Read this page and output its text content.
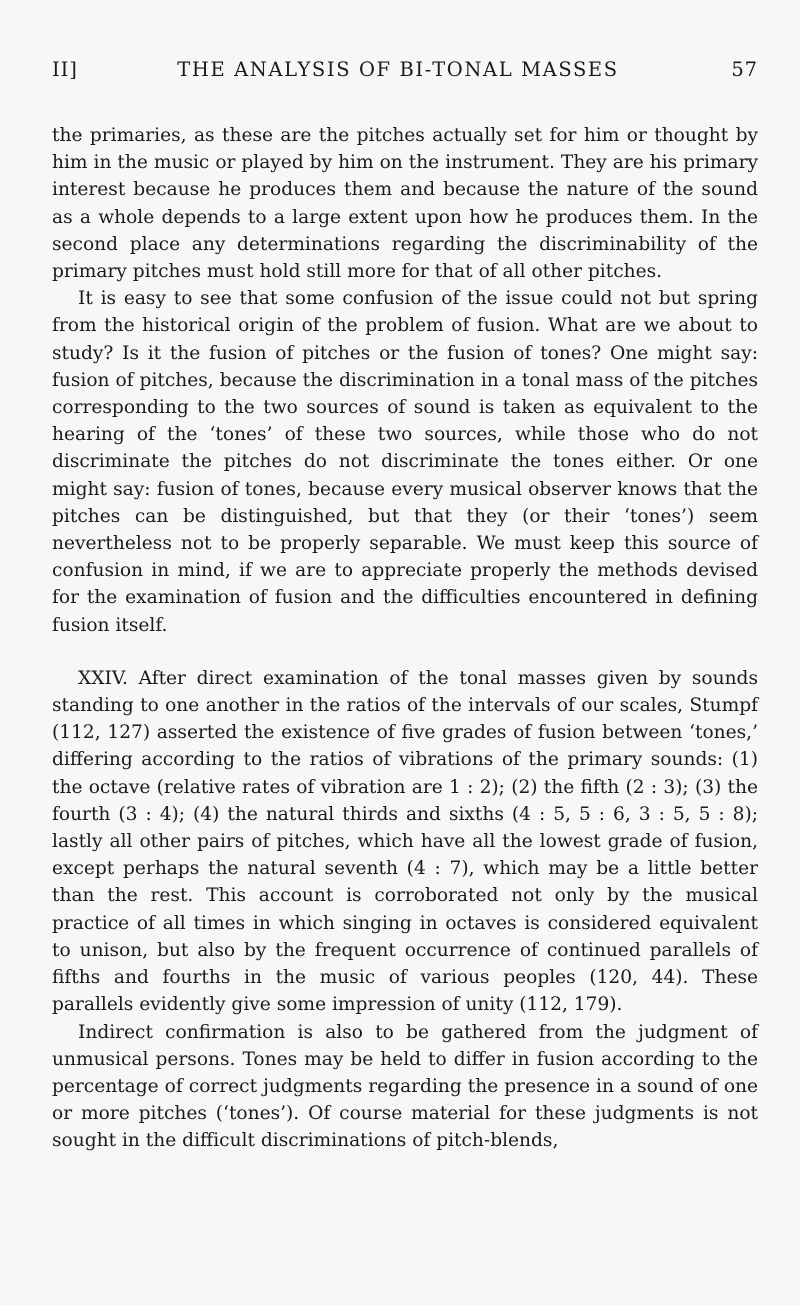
II]	THE ANALYSIS OF BI-TONAL MASSES	57

the primaries, as these are the pitches actually set for him or thought by him in the music or played by him on the instrument. They are his primary interest because he produces them and because the nature of the sound as a whole depends to a large extent upon how he produces them. In the second place any determinations regarding the discriminability of the primary pitches must hold still more for that of all other pitches.

It is easy to see that some confusion of the issue could not but spring from the historical origin of the problem of fusion. What are we about to study? Is it the fusion of pitches or the fusion of tones? One might say: fusion of pitches, because the discrimination in a tonal mass of the pitches corresponding to the two sources of sound is taken as equivalent to the hearing of the ‘tones’ of these two sources, while those who do not discriminate the pitches do not discriminate the tones either. Or one might say: fusion of tones, because every musical observer knows that the pitches can be distinguished, but that they (or their ‘tones’) seem nevertheless not to be properly separable. We must keep this source of confusion in mind, if we are to appreciate properly the methods devised for the examination of fusion and the difficulties encountered in defining fusion itself.

XXIV. After direct examination of the tonal masses given by sounds standing to one another in the ratios of the intervals of our scales, Stumpf (112, 127) asserted the existence of five grades of fusion between ‘tones,’ differing according to the ratios of vibrations of the primary sounds: (1) the octave (relative rates of vibration are 1 : 2); (2) the fifth (2 : 3); (3) the fourth (3 : 4); (4) the natural thirds and sixths (4 : 5, 5 : 6, 3 : 5, 5 : 8); lastly all other pairs of pitches, which have all the lowest grade of fusion, except perhaps the natural seventh (4 : 7), which may be a little better than the rest. This account is corroborated not only by the musical practice of all times in which singing in octaves is considered equivalent to unison, but also by the frequent occurrence of continued parallels of fifths and fourths in the music of various peoples (120, 44). These parallels evidently give some impression of unity (112, 179).

Indirect confirmation is also to be gathered from the judgment of unmusical persons. Tones may be held to differ in fusion according to the percentage of correct judgments regarding the presence in a sound of one or more pitches (‘tones’). Of course material for these judgments is not sought in the difficult discriminations of pitch-blends,
